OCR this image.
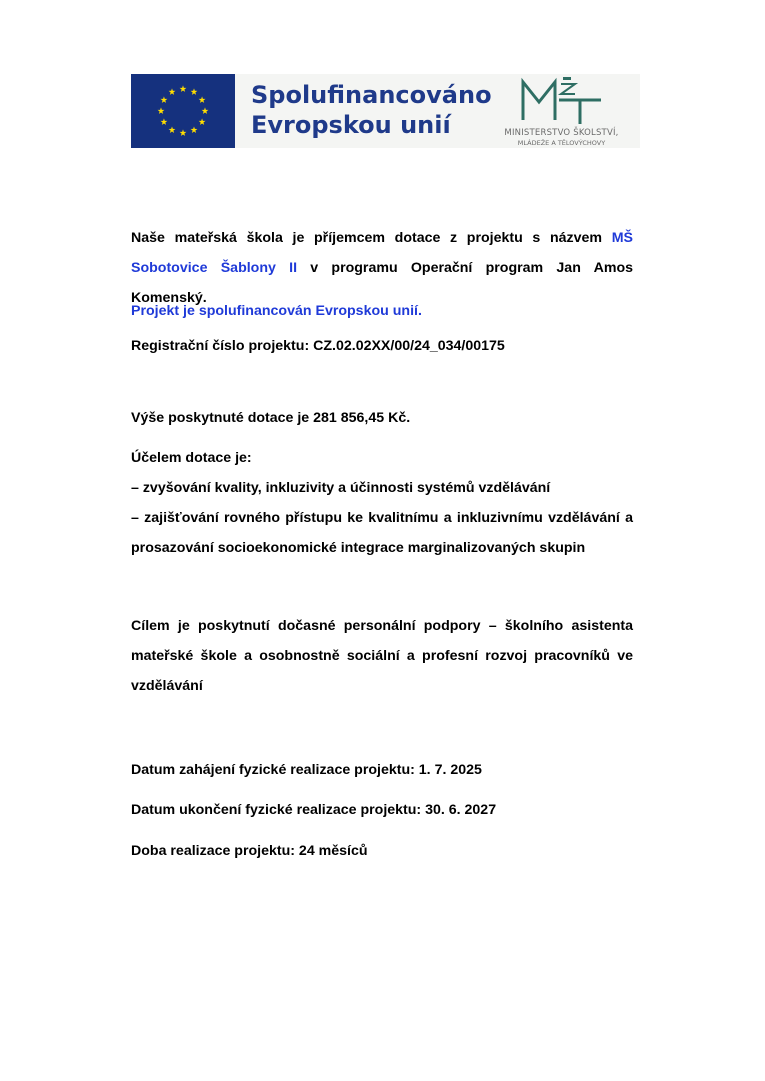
Spolufinancováno
Evropskou unií	MINISTERSTVO ŠKOLSTVÍ,
MLÁDEŽE A TĚLOVÝCHOVY

Naše mateřská škola je příjemcem dotace z projektu s názvem MŠ Sobotovice Šablony II v programu Operační program Jan Amos Komenský.

Projekt je spolufinancován Evropskou unií.

Registrační číslo projektu: CZ.02.02XX/00/24_034/00175

Výše poskytnuté dotace je 281 856,45 Kč.

Účelem dotace je:

– zvyšování kvality, inkluzivity a účinnosti systémů vzdělávání

– zajišťování rovného přístupu ke kvalitnímu a inkluzivnímu vzdělávání a prosazování socioekonomické integrace marginalizovaných skupin

Cílem je poskytnutí dočasné personální podpory – školního asistenta mateřské škole a osobnostně sociální a profesní rozvoj pracovníků ve vzdělávání

Datum zahájení fyzické realizace projektu: 1. 7. 2025

Datum ukončení fyzické realizace projektu: 30. 6. 2027

Doba realizace projektu: 24 měsíců
